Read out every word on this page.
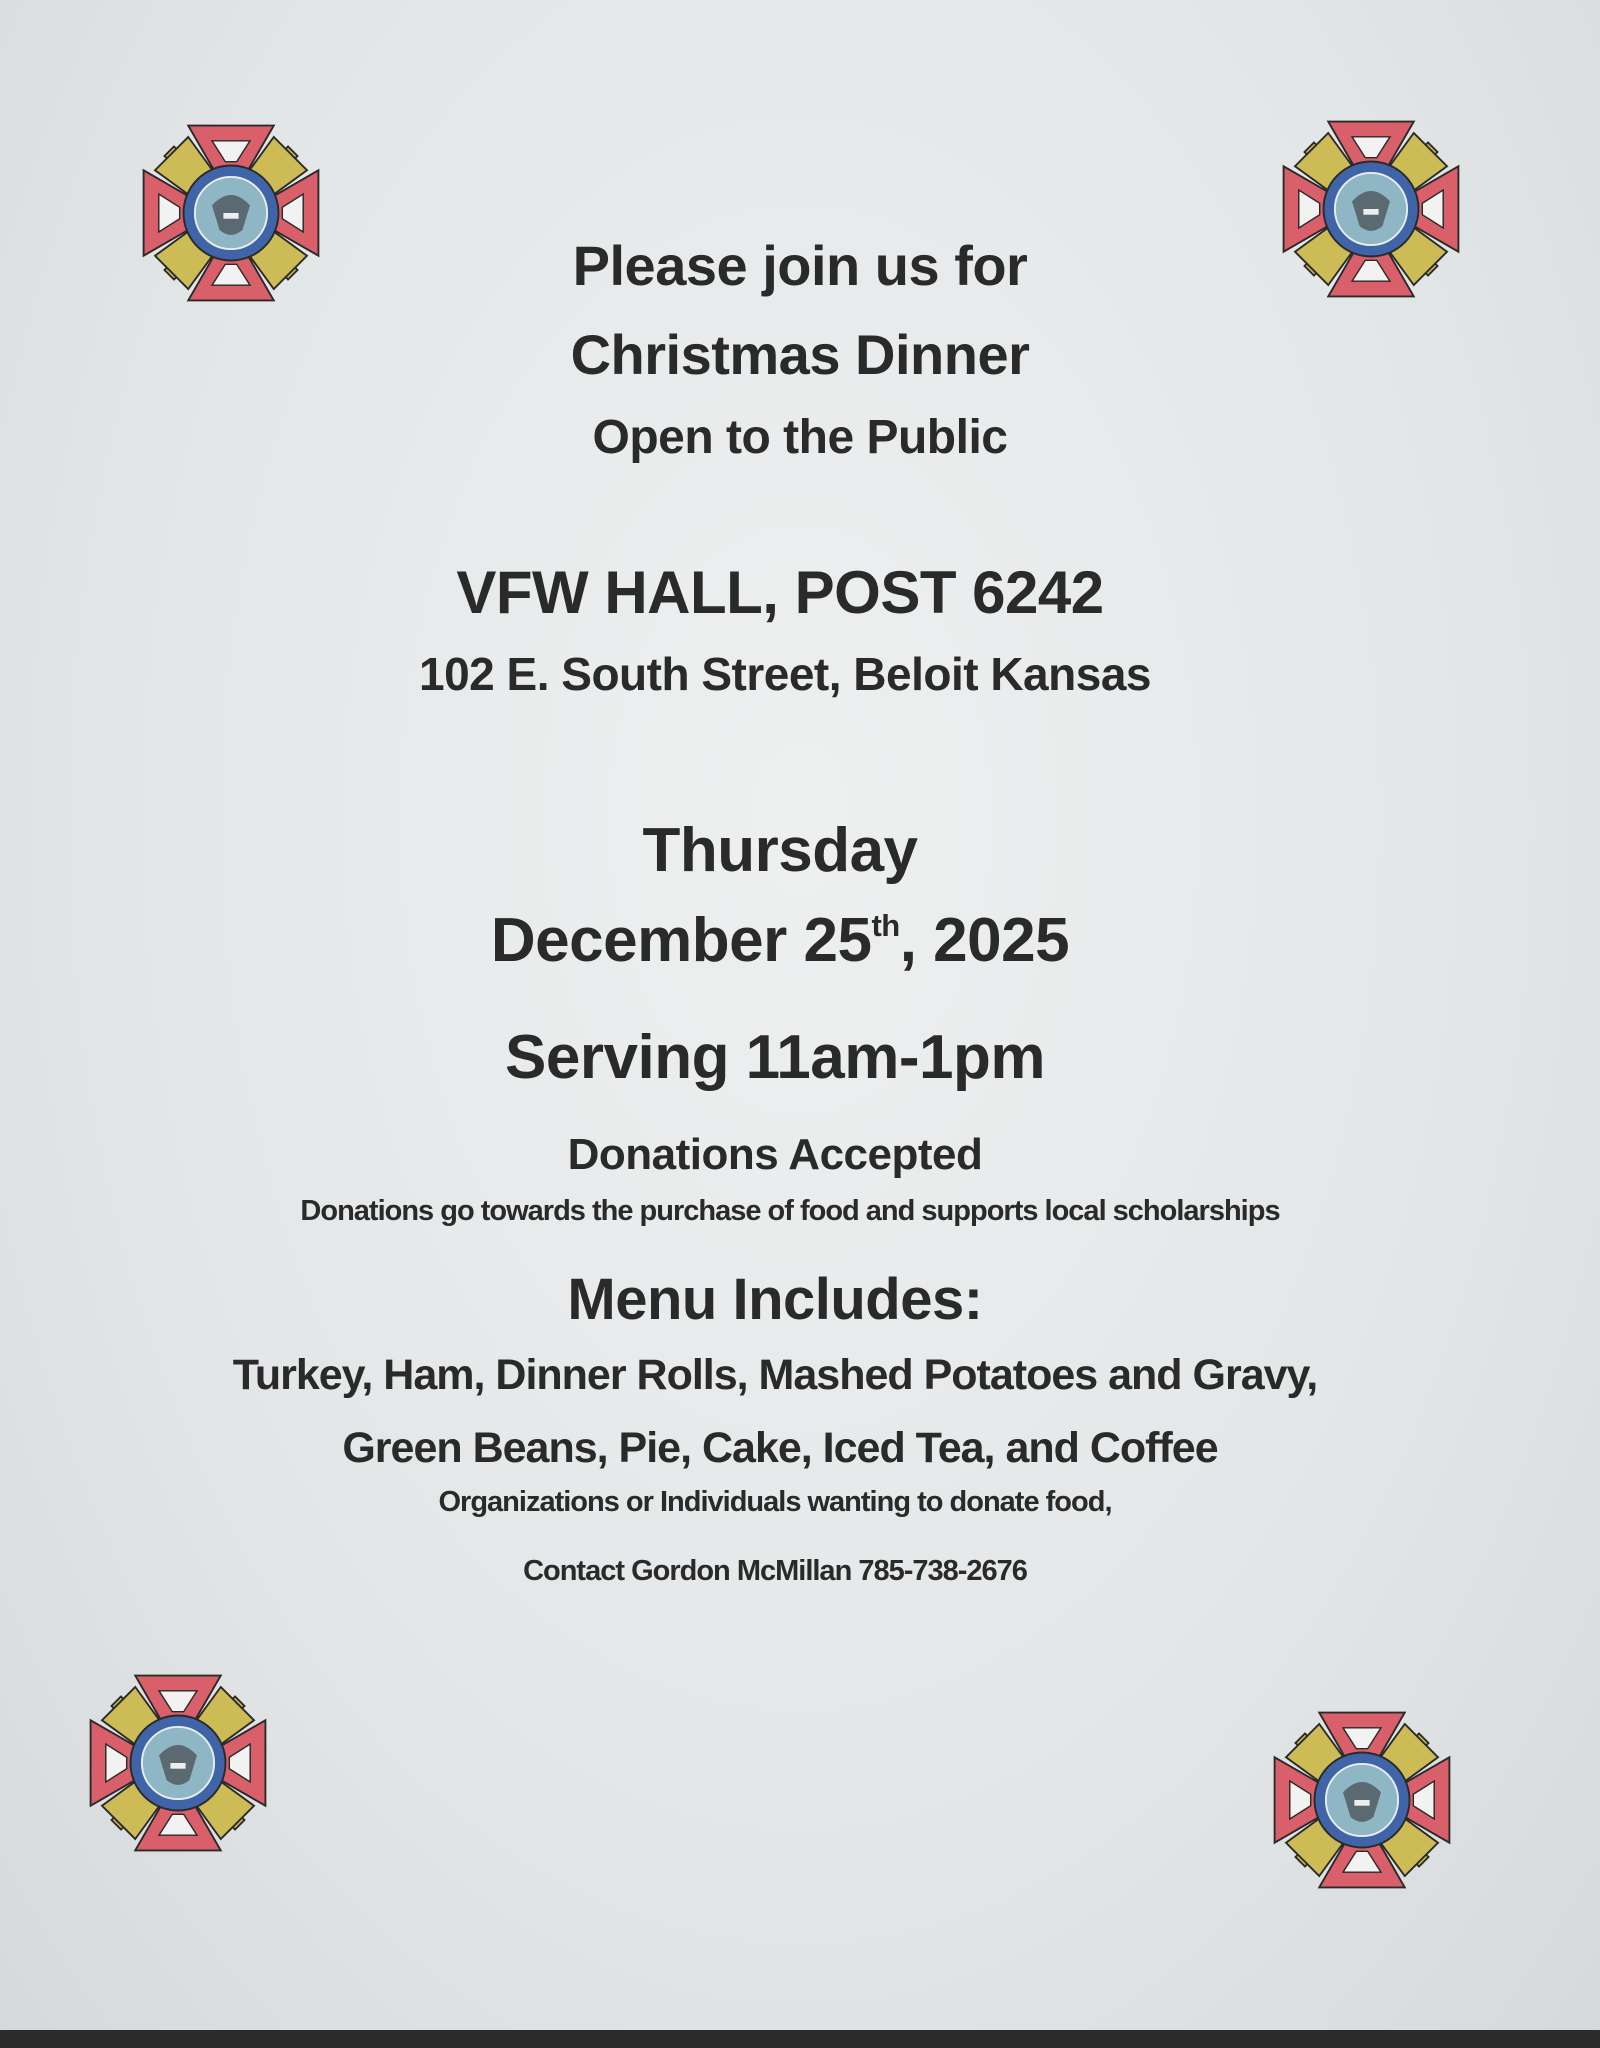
Please join us for
Christmas Dinner
Open to the Public
VFW HALL, POST 6242
102 E. South Street, Beloit Kansas
Thursday
December 25th, 2025
Serving 11am-1pm
Donations Accepted
Donations go towards the purchase of food and supports local scholarships
Menu Includes:
Turkey, Ham, Dinner Rolls, Mashed Potatoes and Gravy,
Green Beans, Pie, Cake, Iced Tea, and Coffee
Organizations or Individuals wanting to donate food,
Contact Gordon McMillan 785-738-2676
